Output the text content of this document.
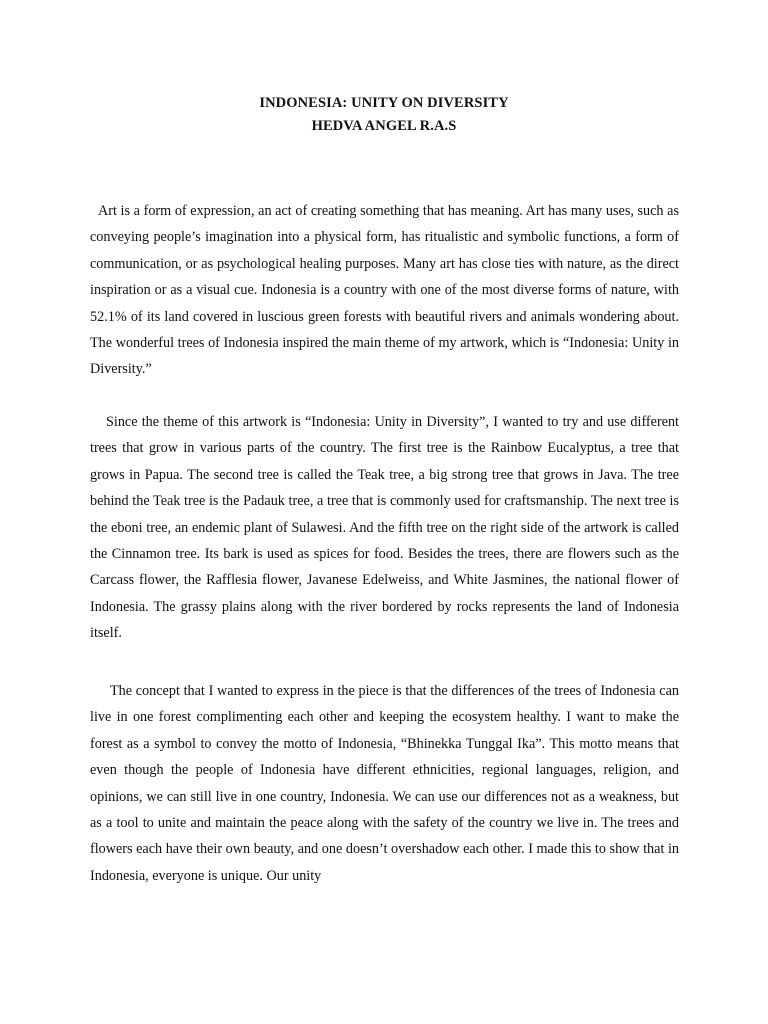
INDONESIA: UNITY ON DIVERSITY
HEDVA ANGEL R.A.S

Art is a form of expression, an act of creating something that has meaning. Art has many uses, such as conveying people’s imagination into a physical form, has ritualistic and symbolic functions, a form of communication, or as psychological healing purposes. Many art has close ties with nature, as the direct inspiration or as a visual cue. Indonesia is a country with one of the most diverse forms of nature, with 52.1% of its land covered in luscious green forests with beautiful rivers and animals wondering about. The wonderful trees of Indonesia inspired the main theme of my artwork, which is “Indonesia: Unity in Diversity.”

Since the theme of this artwork is “Indonesia: Unity in Diversity”, I wanted to try and use different trees that grow in various parts of the country. The first tree is the Rainbow Eucalyptus, a tree that grows in Papua. The second tree is called the Teak tree, a big strong tree that grows in Java. The tree behind the Teak tree is the Padauk tree, a tree that is commonly used for craftsmanship. The next tree is the eboni tree, an endemic plant of Sulawesi. And the fifth tree on the right side of the artwork is called the Cinnamon tree. Its bark is used as spices for food. Besides the trees, there are flowers such as the Carcass flower, the Rafflesia flower, Javanese Edelweiss, and White Jasmines, the national flower of Indonesia. The grassy plains along with the river bordered by rocks represents the land of Indonesia itself.

The concept that I wanted to express in the piece is that the differences of the trees of Indonesia can live in one forest complimenting each other and keeping the ecosystem healthy. I want to make the forest as a symbol to convey the motto of Indonesia, “Bhinekka Tunggal Ika”. This motto means that even though the people of Indonesia have different ethnicities, regional languages, religion, and opinions, we can still live in one country, Indonesia. We can use our differences not as a weakness, but as a tool to unite and maintain the peace along with the safety of the country we live in. The trees and flowers each have their own beauty, and one doesn’t overshadow each other. I made this to show that in Indonesia, everyone is unique. Our unity
